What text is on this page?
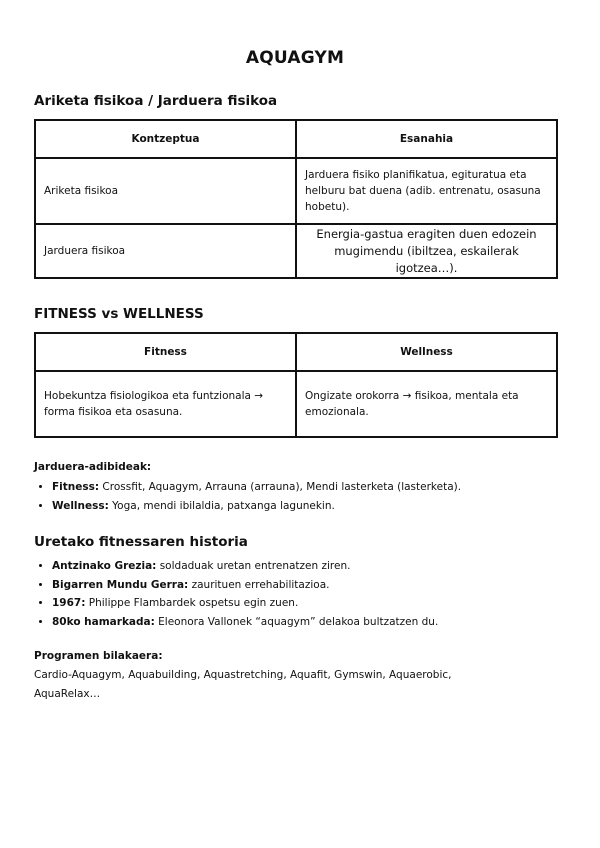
AQUAGYM
Ariketa fisikoa / Jarduera fisikoa
Kontzeptua	Esanahia
Ariketa fisikoa	Jarduera fisiko planifikatua, egituratua eta helburu bat duena (adib. entrenatu, osasuna hobetu).
Jarduera fisikoa	Energia-gastua eragiten duen edozein mugimendu (ibiltzea, eskailerak igotzea…).
FITNESS vs WELLNESS
Fitness	Wellness
Hobekuntza fisiologikoa eta funtzionala → forma fisikoa eta osasuna.	Ongizate orokorra → fisikoa, mentala eta emozionala.

Jarduera-adibideak:

• Fitness: Crossfit, Aquagym, Arrauna (arrauna), Mendi lasterketa (lasterketa).
• Wellness: Yoga, mendi ibilaldia, patxanga lagunekin.
Uretako fitnessaren historia
• Antzinako Grezia: soldaduak uretan entrenatzen ziren.
• Bigarren Mundu Gerra: zaurituen errehabilitazioa.
• 1967: Philippe Flambardek ospetsu egin zuen.
• 80ko hamarkada: Eleonora Vallonek “aquagym” delakoa bultzatzen du.

Programen bilakaera:

Cardio-Aquagym, Aquabuilding, Aquastretching, Aquafit, Gymswin, Aquaerobic, AquaRelax…
